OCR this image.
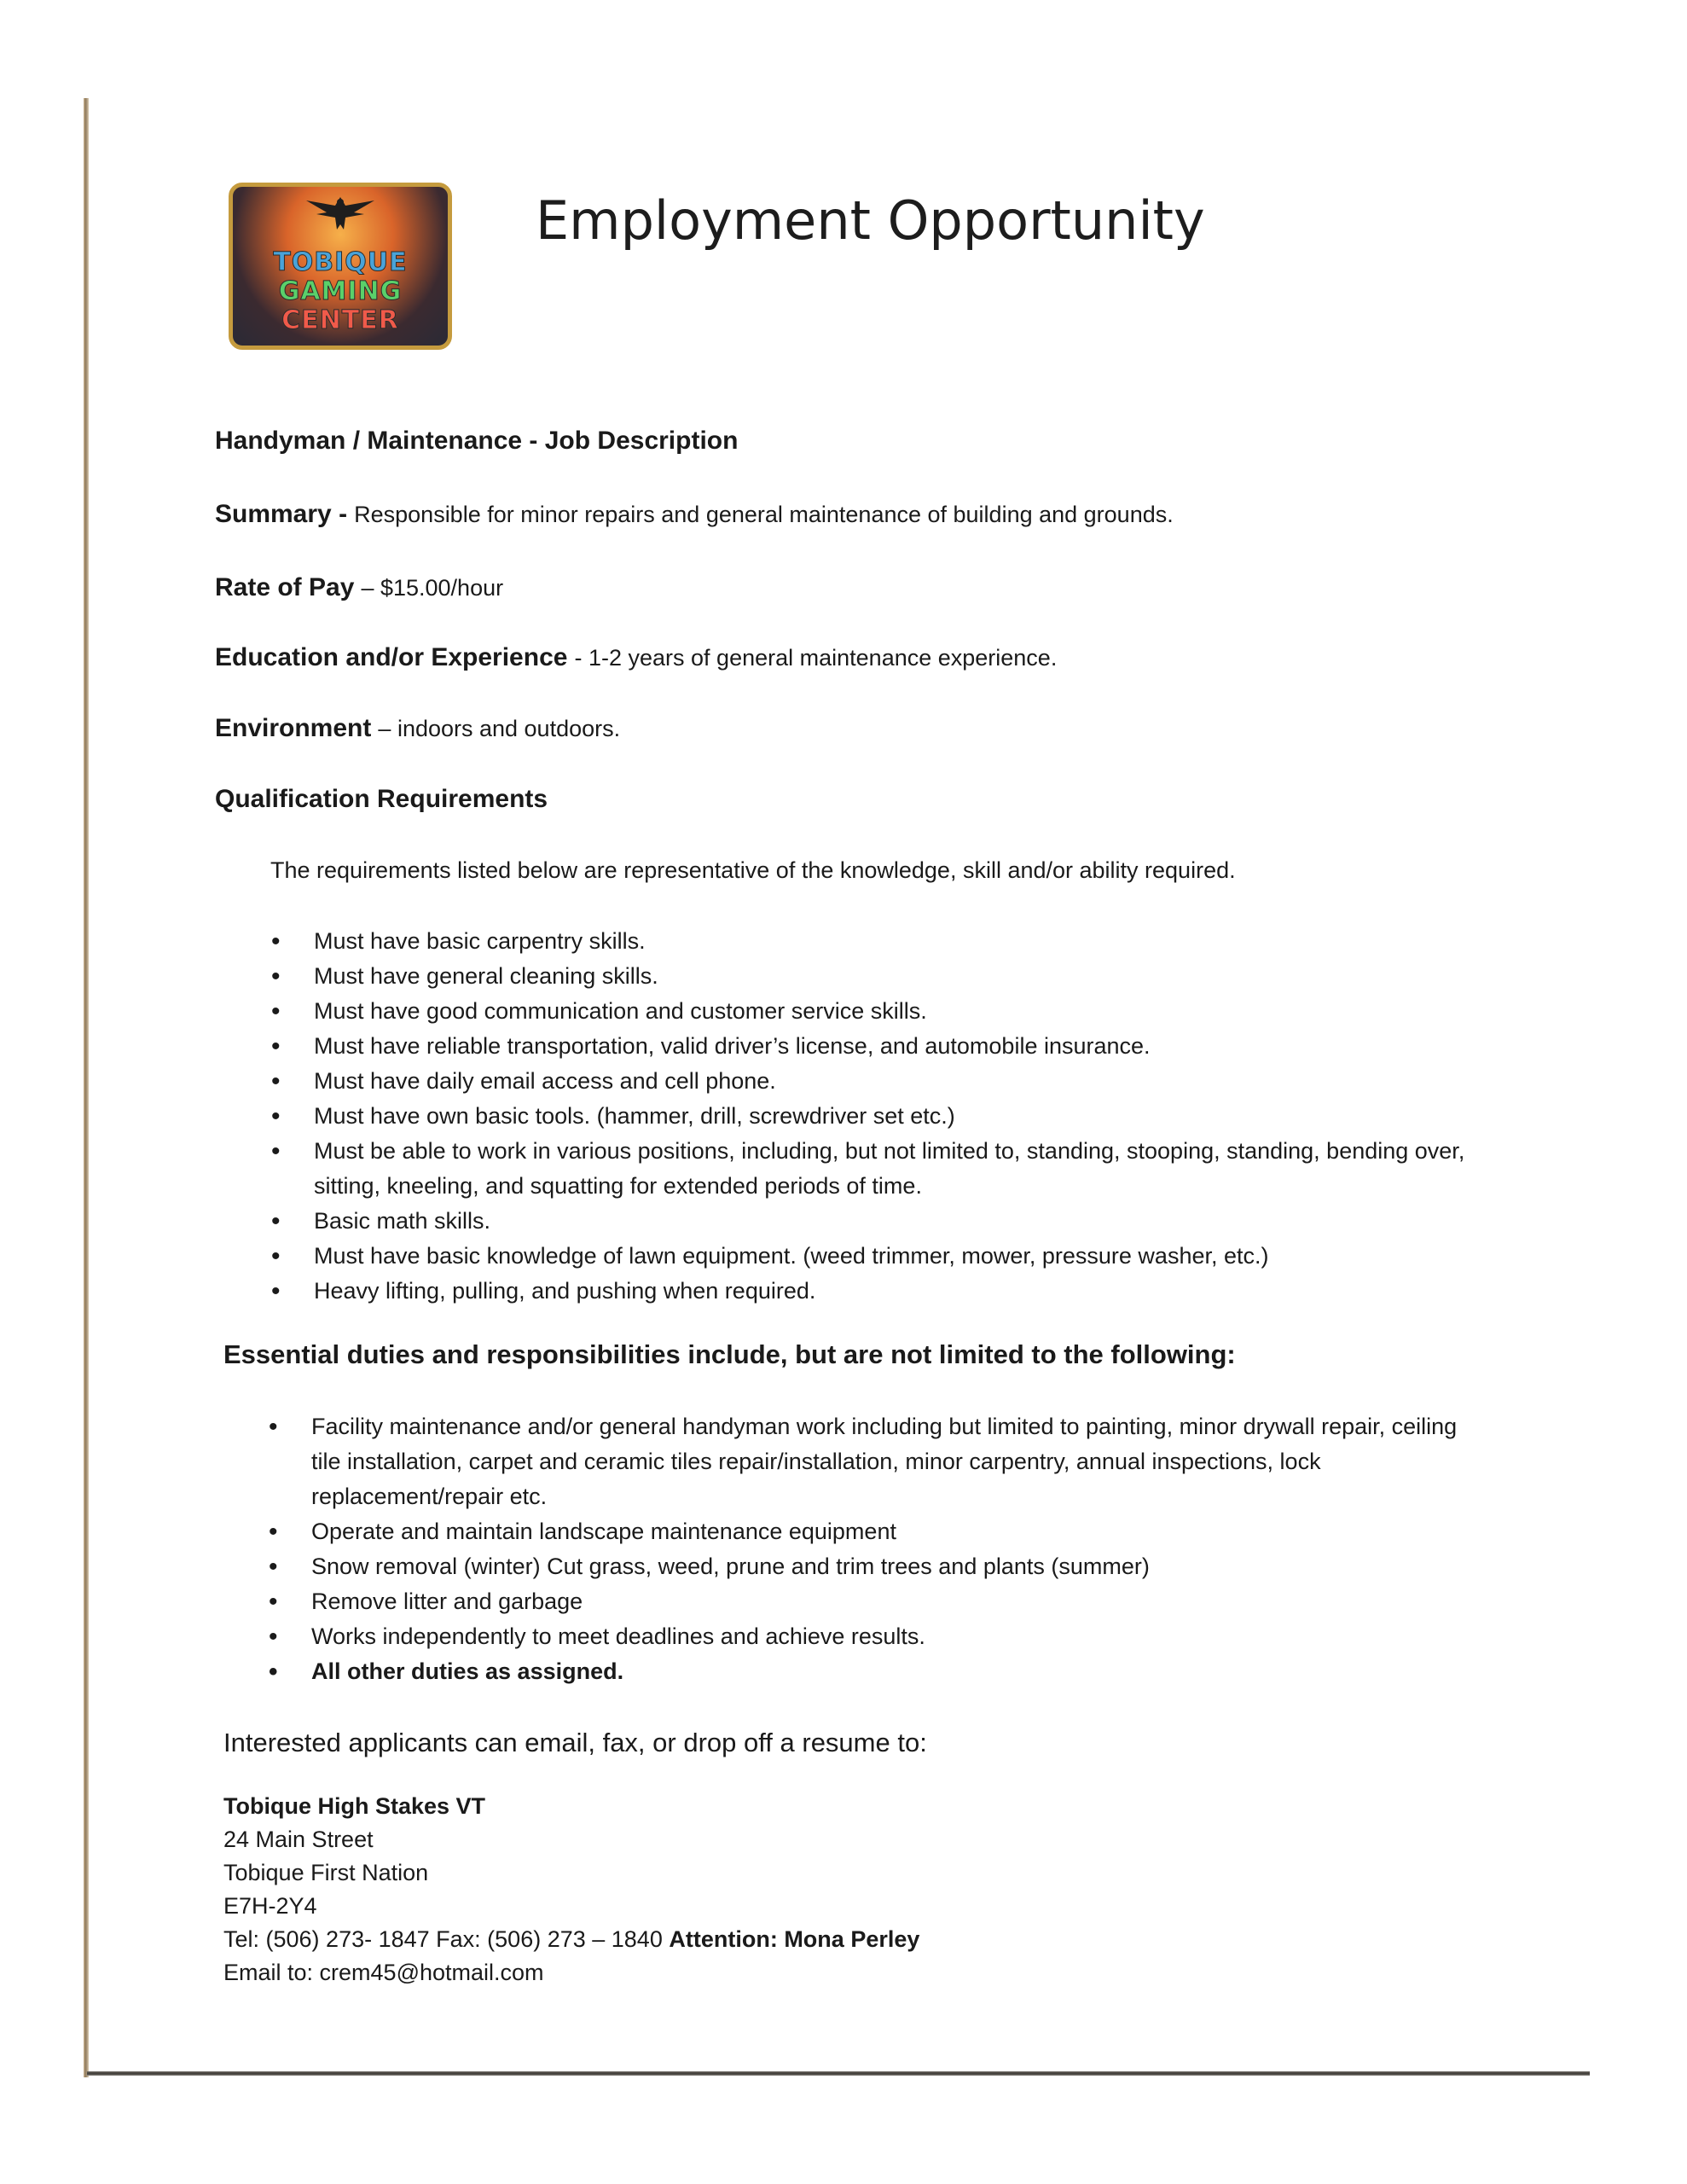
TOBIQUE
GAMING
CENTER
Employment Opportunity
Handyman / Maintenance - Job Description
Summary - Responsible for minor repairs and general maintenance of building and grounds.
Rate of Pay – $15.00/hour
Education and/or Experience - 1-2 years of general maintenance experience.
Environment – indoors and outdoors.
Qualification Requirements
The requirements listed below are representative of the knowledge, skill and/or ability required.
• Must have basic carpentry skills.
• Must have general cleaning skills.
• Must have good communication and customer service skills.
• Must have reliable transportation, valid driver’s license, and automobile insurance.
• Must have daily email access and cell phone.
• Must have own basic tools. (hammer, drill, screwdriver set etc.)
• Must be able to work in various positions, including, but not limited to, standing, stooping, standing, bending over, sitting, kneeling, and squatting for extended periods of time.
• Basic math skills.
• Must have basic knowledge of lawn equipment. (weed trimmer, mower, pressure washer, etc.)
• Heavy lifting, pulling, and pushing when required.
Essential duties and responsibilities include, but are not limited to the following:
• Facility maintenance and/or general handyman work including but limited to painting, minor drywall repair, ceiling tile installation, carpet and ceramic tiles repair/installation, minor carpentry, annual inspections, lock replacement/repair etc.
• Operate and maintain landscape maintenance equipment
• Snow removal (winter) Cut grass, weed, prune and trim trees and plants (summer)
• Remove litter and garbage
• Works independently to meet deadlines and achieve results.
• All other duties as assigned.
Interested applicants can email, fax, or drop off a resume to:
Tobique High Stakes VT
24 Main Street
Tobique First Nation
E7H-2Y4
Tel: (506) 273- 1847 Fax: (506) 273 – 1840 Attention: Mona Perley
Email to: crem45@hotmail.com
